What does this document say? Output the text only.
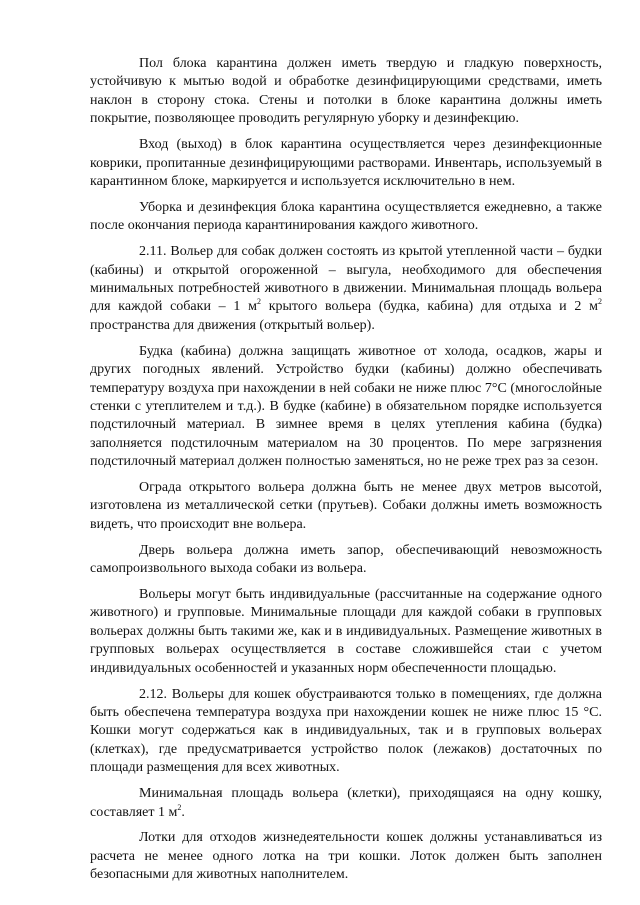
Пол блока карантина должен иметь твердую и гладкую поверхность, устойчивую к мытью водой и обработке дезинфицирующими средствами, иметь наклон в сторону стока. Стены и потолки в блоке карантина должны иметь покрытие, позволяющее проводить регулярную уборку и дезинфекцию.

Вход (выход) в блок карантина осуществляется через дезинфекционные коврики, пропитанные дезинфицирующими растворами. Инвентарь, используемый в карантинном блоке, маркируется и используется исключительно в нем.

Уборка и дезинфекция блока карантина осуществляется ежедневно, а также после окончания периода карантинирования каждого животного.

2.11. Вольер для собак должен состоять из крытой утепленной части – будки (кабины) и открытой огороженной – выгула, необходимого для обеспечения минимальных потребностей животного в движении. Минимальная площадь вольера для каждой собаки – 1 $м^2$ крытого вольера (будка, кабина) для отдыха и 2 $м^2$ пространства для движения (открытый вольер).

Будка (кабина) должна защищать животное от холода, осадков, жары и других погодных явлений. Устройство будки (кабины) должно обеспечивать температуру воздуха при нахождении в ней собаки не ниже плюс 7°C (многослойные стенки с утеплителем и т.д.). В будке (кабине) в обязательном порядке используется подстилочный материал. В зимнее время в целях утепления кабина (будка) заполняется подстилочным материалом на 30 процентов. По мере загрязнения подстилочный материал должен полностью заменяться, но не реже трех раз за сезон.

Ограда открытого вольера должна быть не менее двух метров высотой, изготовлена из металлической сетки (прутьев). Собаки должны иметь возможность видеть, что происходит вне вольера.

Дверь вольера должна иметь запор, обеспечивающий невозможность самопроизвольного выхода собаки из вольера.

Вольеры могут быть индивидуальные (рассчитанные на содержание одного животного) и групповые. Минимальные площади для каждой собаки в групповых вольерах должны быть такими же, как и в индивидуальных. Размещение животных в групповых вольерах осуществляется в составе сложившейся стаи с учетом индивидуальных особенностей и указанных норм обеспеченности площадью.

2.12. Вольеры для кошек обустраиваются только в помещениях, где должна быть обеспечена температура воздуха при нахождении кошек не ниже плюс 15 °C. Кошки могут содержаться как в индивидуальных, так и в групповых вольерах (клетках), где предусматривается устройство полок (лежаков) достаточных по площади размещения для всех животных.

Минимальная площадь вольера (клетки), приходящаяся на одну кошку, составляет 1 $м^2$.

Лотки для отходов жизнедеятельности кошек должны устанавливаться из расчета не менее одного лотка на три кошки. Лоток должен быть заполнен безопасными для животных наполнителем.
